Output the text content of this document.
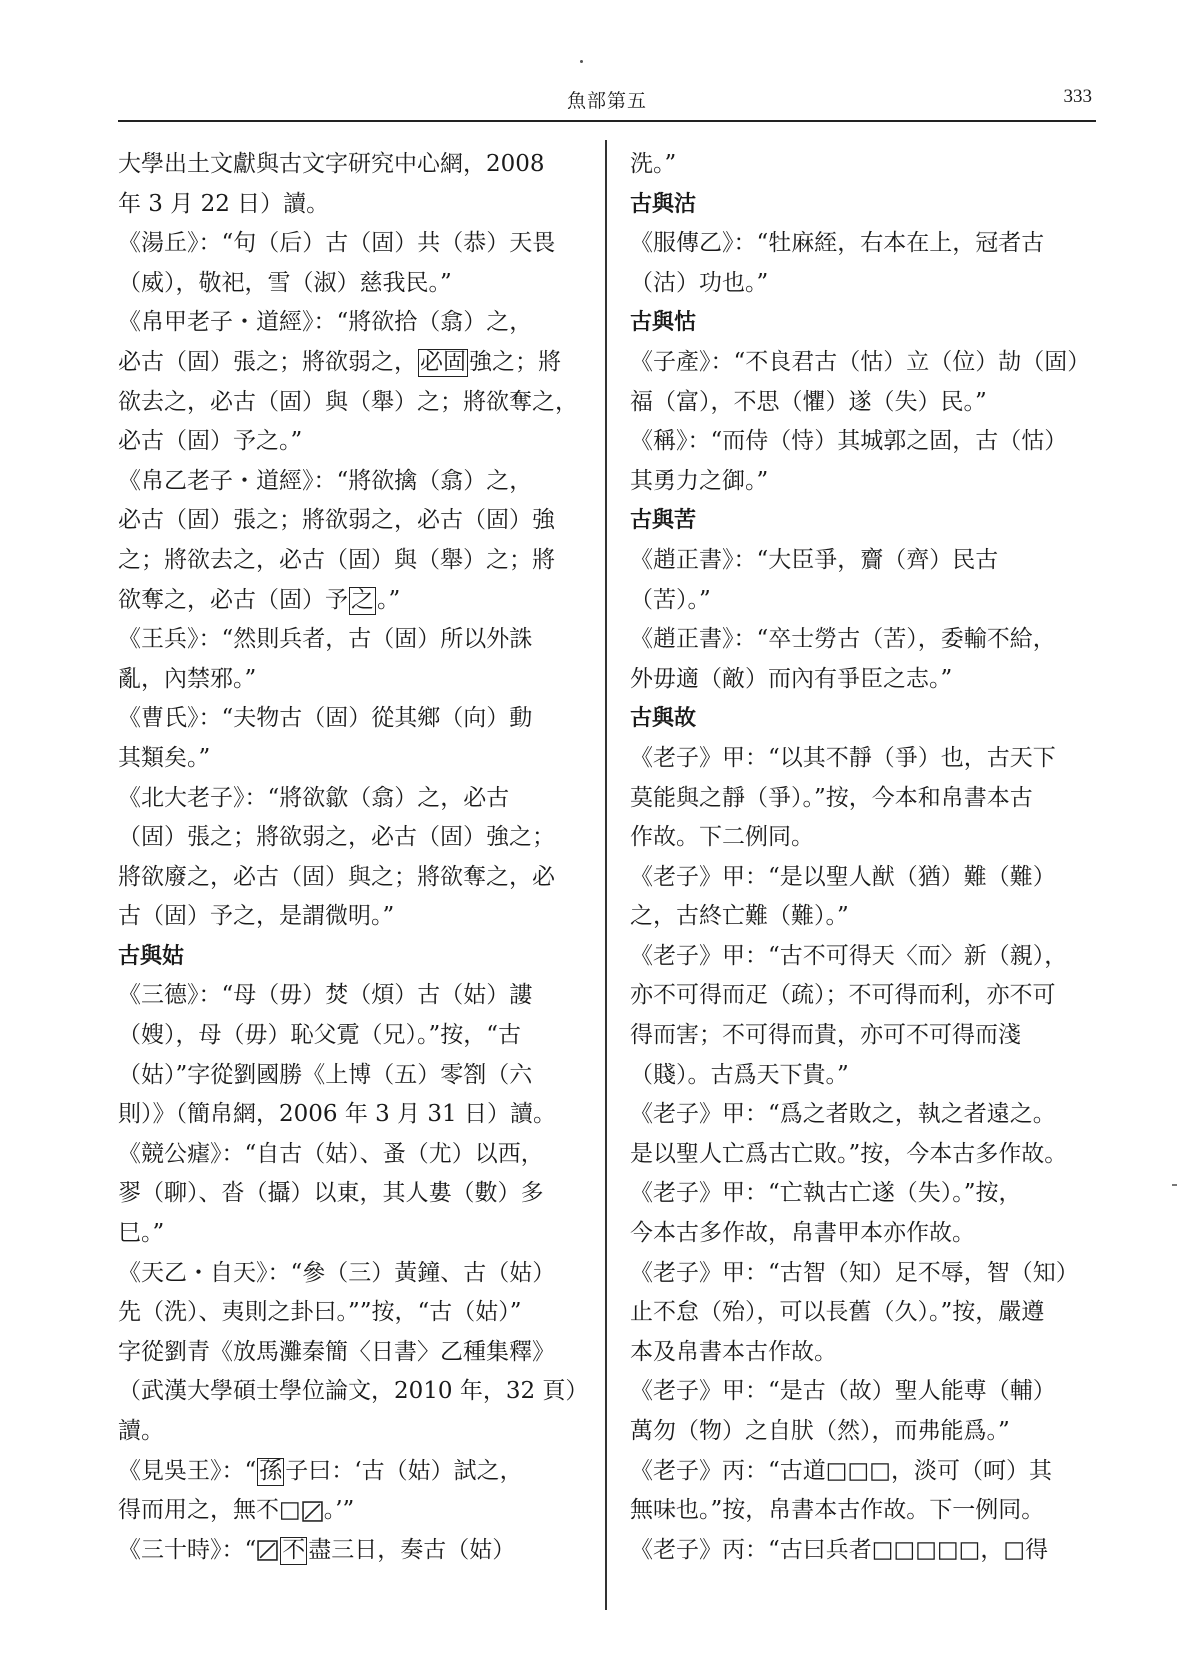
魚部第五	333
大學出土文獻與古文字研究中心網，2008
年 3 月 22 日）讀。
《湯丘》：“句（后）古（固）共（恭）天畏
（威），敬祀，雪（淑）慈我民。”
《帛甲老子・道經》：“將欲拾（翕）之，
必古（固）張之；將欲弱之， 必固 強之；將
欲去之，必古（固）與（舉）之；將欲奪之，
必古（固）予之。”
《帛乙老子・道經》：“將欲擒（翕）之，
必古（固）張之；將欲弱之，必古（固）強
之；將欲去之，必古（固）與（舉）之；將
欲奪之，必古（固）予 之 。”
《王兵》：“然則兵者，古（固）所以外誅
亂，內禁邪。”
《曹氏》：“夫物古（固）從其鄉（向）動
其類矣。”
《北大老子》：“將欲歙（翕）之，必古
（固）張之；將欲弱之，必古（固）強之；
將欲廢之，必古（固）與之；將欲奪之，必
古（固）予之，是謂微明。”
古與姑
《三德》：“母（毋）焚（煩）古（姑）謱
（嫂），母（毋）恥父䨘（兄）。”按，“古
（姑）”字從劉國勝《上博（五）零劄（六
則）》（簡帛網，2006 年 3 月 31 日）讀。
《競公瘧》：“自古（姑）、蚤（尤）以西，
翏（聊）、沓（攝）以東，其人婁（數）多
巳。”
《天乙・自天》：“參（三）黃鐘、古（姑）
先（洗）、夷則之卦曰。””按，“古（姑）”
字從劉青《放馬灘秦簡〈日書〉乙種集釋》
（武漢大學碩士學位論文，2010 年，32 頁）
讀。
《見吳王》：“ 孫 子曰：‘古（姑）試之，
得而用之，無不□ 。’”
《三十時》：“ 不 盡三日，奏古（姑）
洗。”
古與沽
《服傳乙》：“牡麻絰，右本在上，冠者古
（沽）功也。”
古與怙
《子產》：“不良君古（怙）立（位）劼（固）
福（富），不思（懼）遂（失）民。”
《稱》：“而侍（恃）其城郭之固，古（怙）
其勇力之御。”
古與苦
《趙正書》：“大臣爭，齎（齊）民古
（苦）。”
《趙正書》：“卒士勞古（苦），委輸不給，
外毋適（敵）而內有爭臣之志。”
古與故
《老子》甲：“以其不靜（爭）也，古天下
莫能與之靜（爭）。”按，今本和帛書本古
作故。下二例同。
《老子》甲：“是以聖人猷（猶）難（難）
之，古終亡難（難）。”
《老子》甲：“古不可得天〈而〉新（親），
亦不可得而疋（疏）；不可得而利，亦不可
得而害；不可得而貴，亦可不可得而淺
（賤）。古爲天下貴。”
《老子》甲：“爲之者敗之，執之者遠之。
是以聖人亡爲古亡敗。”按，今本古多作故。
《老子》甲：“亡執古亡遂（失）。”按，
今本古多作故，帛書甲本亦作故。
《老子》甲：“古智（知）足不辱，智（知）
止不怠（殆），可以長舊（久）。”按，嚴遵
本及帛書本古作故。
《老子》甲：“是古（故）聖人能尃（輔）
萬勿（物）之自肰（然），而弗能爲。”
《老子》丙：“古道□□□，淡可（呵）其
無味也。”按，帛書本古作故。下一例同。
《老子》丙：“古曰兵者□□□□□，□得
